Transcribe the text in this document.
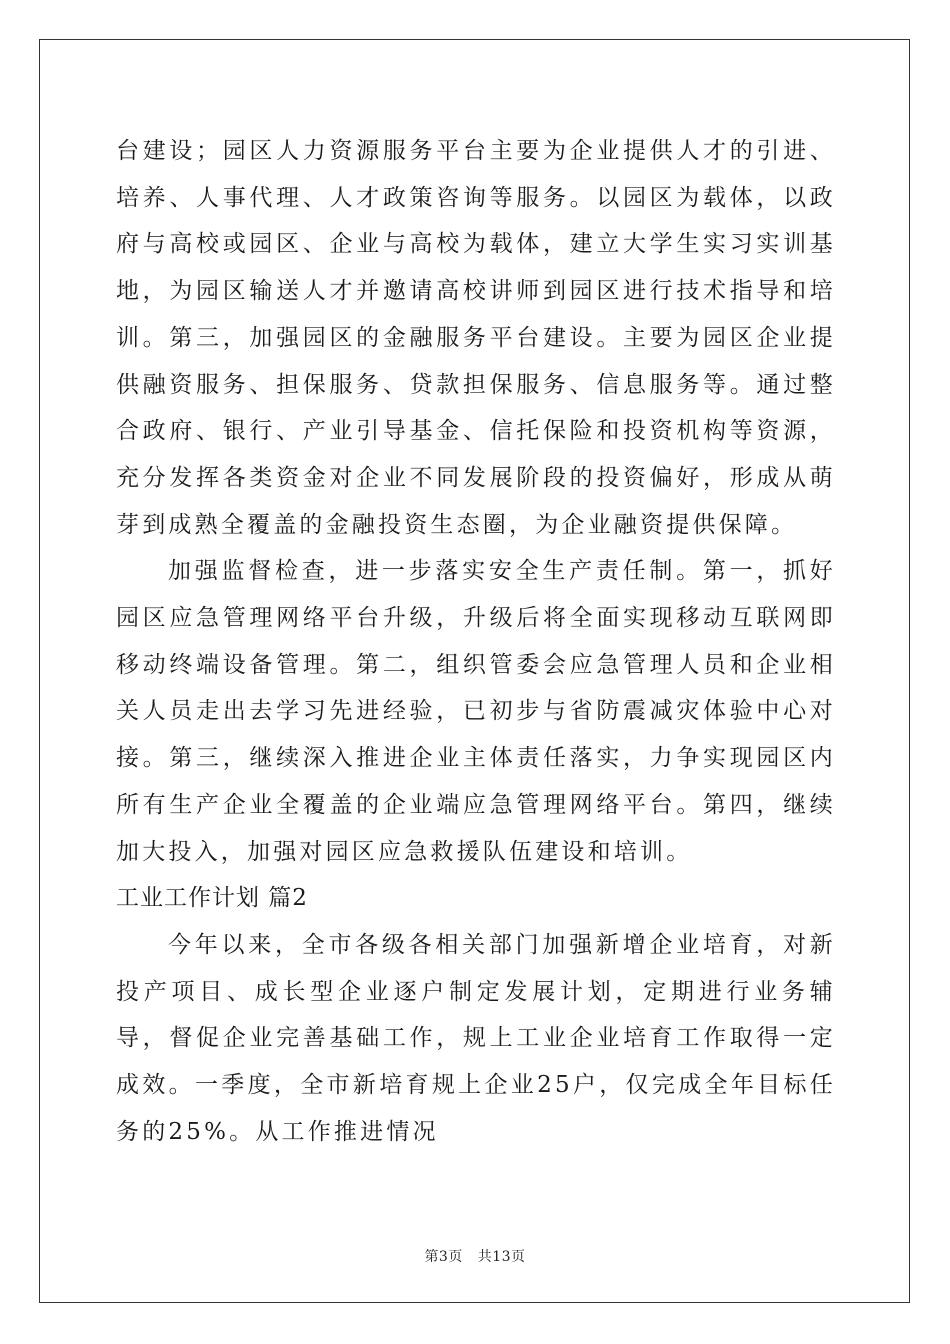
台建设；园区人力资源服务平台主要为企业提供人才的引进、培养、人事代理、人才政策咨询等服务。以园区为载体，以政府与高校或园区、企业与高校为载体，建立大学生实习实训基地，为园区输送人才并邀请高校讲师到园区进行技术指导和培训。第三，加强园区的金融服务平台建设。主要为园区企业提供融资服务、担保服务、贷款担保服务、信息服务等。通过整合政府、银行、产业引导基金、信托保险和投资机构等资源，充分发挥各类资金对企业不同发展阶段的投资偏好，形成从萌芽到成熟全覆盖的金融投资生态圈，为企业融资提供保障。

加强监督检查，进一步落实安全生产责任制。第一，抓好园区应急管理网络平台升级，升级后将全面实现移动互联网即移动终端设备管理。第二，组织管委会应急管理人员和企业相关人员走出去学习先进经验，已初步与省防震减灾体验中心对接。第三，继续深入推进企业主体责任落实，力争实现园区内所有生产企业全覆盖的企业端应急管理网络平台。第四，继续加大投入，加强对园区应急救援队伍建设和培训。

工业工作计划 篇2

今年以来，全市各级各相关部门加强新增企业培育，对新投产项目、成长型企业逐户制定发展计划，定期进行业务辅导，督促企业完善基础工作，规上工业企业培育工作取得一定成效。一季度，全市新培育规上企业25户，仅完成全年目标任务的25%。从工作推进情况

第3页 共13页
